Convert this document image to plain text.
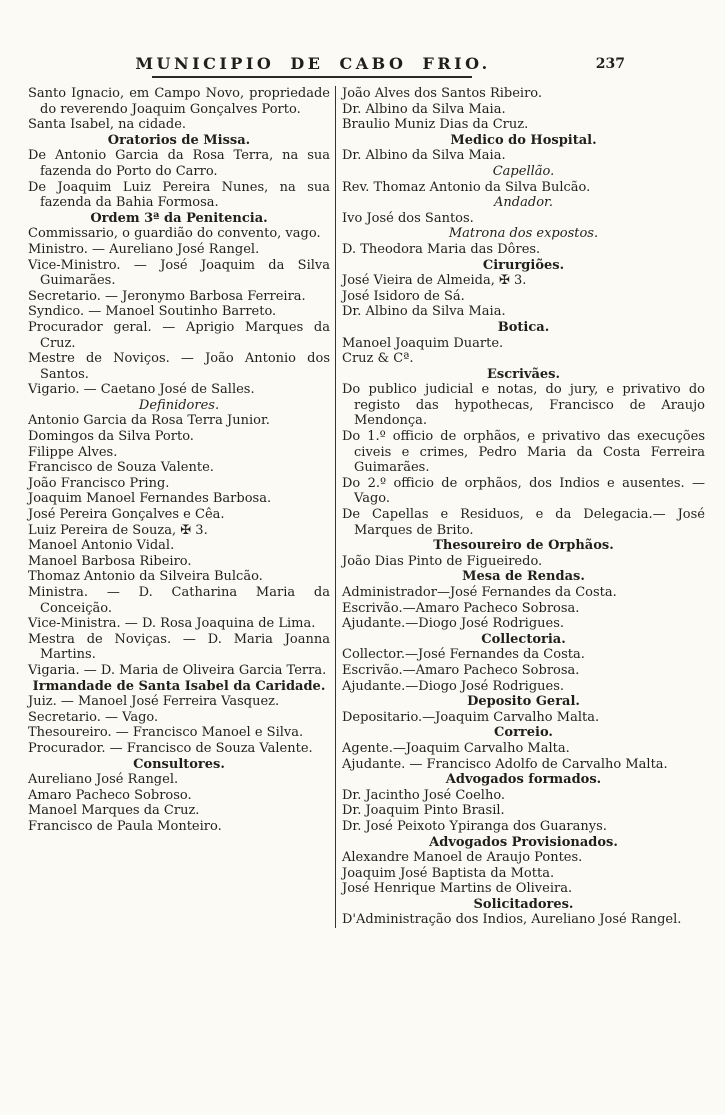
MUNICIPIO DE CABO FRIO.	237

Santo Ignacio, em Campo Novo, propriedade do reverendo Joaquim Gonçalves Porto.

Santa Isabel, na cidade.

Oratorios de Missa.

De Antonio Garcia da Rosa Terra, na sua fazenda do Porto do Carro.

De Joaquim Luiz Pereira Nunes, na sua fazenda da Bahia Formosa.

Ordem 3ª da Penitencia.

Commissario, o guardião do convento, vago.

Ministro. — Aureliano José Rangel.

Vice-Ministro. — José Joaquim da Silva Guimarães.

Secretario. — Jeronymo Barbosa Ferreira.

Syndico. — Manoel Soutinho Barreto.

Procurador geral. — Aprigio Marques da Cruz.

Mestre de Noviços. — João Antonio dos Santos.

Vigario. — Caetano José de Salles.

Definidores.

Antonio Garcia da Rosa Terra Junior.

Domingos da Silva Porto.

Filippe Alves.

Francisco de Souza Valente.

João Francisco Pring.

Joaquim Manoel Fernandes Barbosa.

José Pereira Gonçalves e Cêa.

Luiz Pereira de Souza, ✠ 3.

Manoel Antonio Vidal.

Manoel Barbosa Ribeiro.

Thomaz Antonio da Silveira Bulcão.

Ministra. — D. Catharina Maria da Conceição.

Vice-Ministra. — D. Rosa Joaquina de Lima.

Mestra de Noviças. — D. Maria Joanna Martins.

Vigaria. — D. Maria de Oliveira Garcia Terra.

Irmandade de Santa Isabel da Caridade.

Juiz. — Manoel José Ferreira Vasquez.

Secretario. — Vago.

Thesoureiro. — Francisco Manoel e Silva.

Procurador. — Francisco de Souza Valente.

Consultores.

Aureliano José Rangel.

Amaro Pacheco Sobroso.

Manoel Marques da Cruz.

Francisco de Paula Monteiro.

João Alves dos Santos Ribeiro.

Dr. Albino da Silva Maia.

Braulio Muniz Dias da Cruz.

Medico do Hospital.

Dr. Albino da Silva Maia.

Capellão.

Rev. Thomaz Antonio da Silva Bulcão.

Andador.

Ivo José dos Santos.

Matrona dos expostos.

D. Theodora Maria das Dôres.

Cirurgiões.

José Vieira de Almeida, ✠ 3.

José Isidoro de Sá.

Dr. Albino da Silva Maia.

Botica.

Manoel Joaquim Duarte.

Cruz & Cª.

Escrivães.

Do publico judicial e notas, do jury, e privativo do registo das hypothecas, Francisco de Araujo Mendonça.

Do 1.º officio de orphãos, e privativo das execuções civeis e crimes, Pedro Maria da Costa Ferreira Guimarães.

Do 2.º officio de orphãos, dos Indios e ausentes. — Vago.

De Capellas e Residuos, e da Delegacia.— José Marques de Brito.

Thesoureiro de Orphãos.

João Dias Pinto de Figueiredo.

Mesa de Rendas.

Administrador—José Fernandes da Costa.

Escrivão.—Amaro Pacheco Sobrosa.

Ajudante.—Diogo José Rodrigues.

Collectoria.

Collector.—José Fernandes da Costa.

Escrivão.—Amaro Pacheco Sobrosa.

Ajudante.—Diogo José Rodrigues.

Deposito Geral.

Depositario.—Joaquim Carvalho Malta.

Correio.

Agente.—Joaquim Carvalho Malta.

Ajudante. — Francisco Adolfo de Carvalho Malta.

Advogados formados.

Dr. Jacintho José Coelho.

Dr. Joaquim Pinto Brasil.

Dr. José Peixoto Ypiranga dos Guaranys.

Advogados Provisionados.

Alexandre Manoel de Araujo Pontes.

Joaquim José Baptista da Motta.

José Henrique Martins de Oliveira.

Solicitadores.

D'Administração dos Indios, Aureliano José Rangel.
